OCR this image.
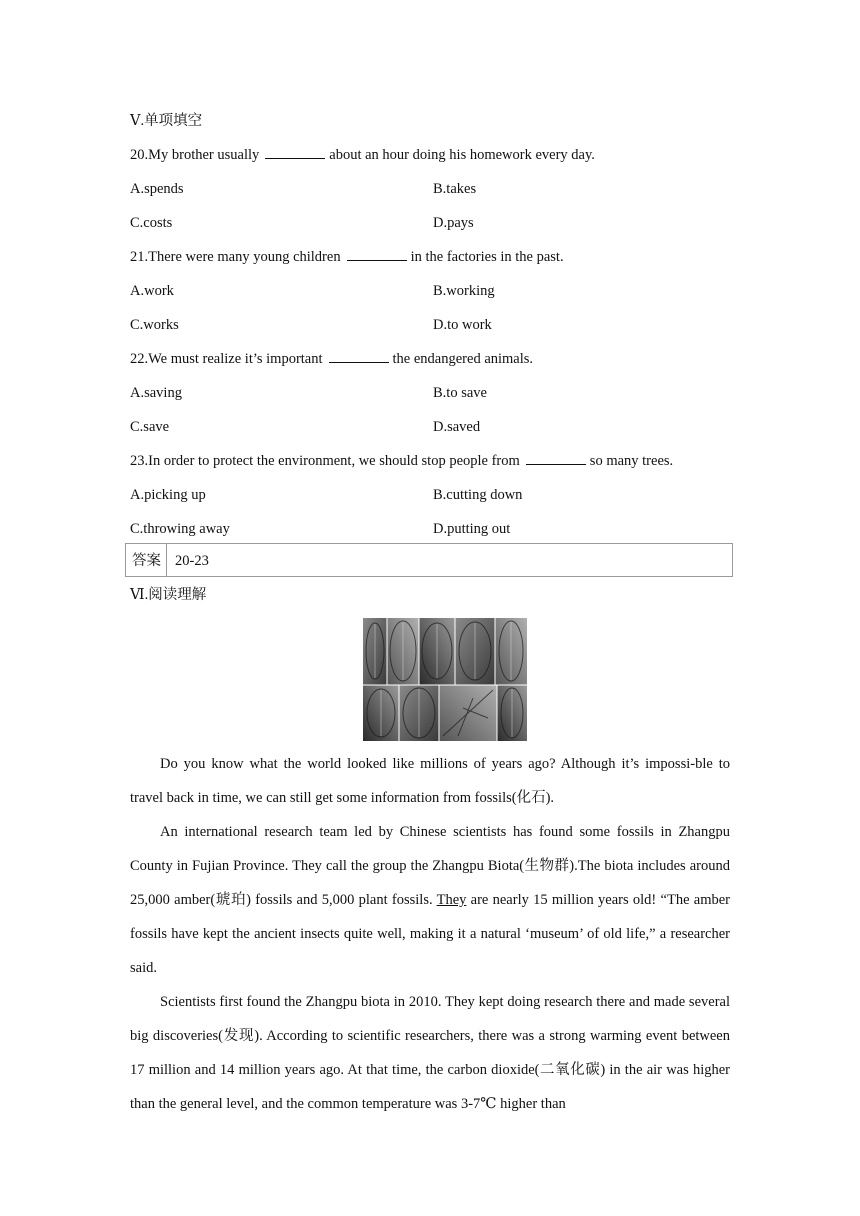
Ⅴ.单项填空
20.My brother usually	about an hour doing his homework every day.
A.spends	B.takes
C.costs	D.pays
21.There were many young children	in the factories in the past.
A.work	B.working
C.works	D.to work
22.We must realize it’s important	the endangered animals.
A.saving	B.to save
C.save	D.saved
23.In order to protect the environment, we should stop people from	so many trees.
A.picking up	B.cutting down
C.throwing away	D.putting out
答案 20-23
Ⅵ.阅读理解
Do you know what the world looked like millions of years ago? Although it’s impossi-ble to travel back in time, we can still get some information from fossils(化石).
An international research team led by Chinese scientists has found some fossils in Zhangpu County in Fujian Province. They call the group the Zhangpu Biota(生物群).The biota includes around 25,000 amber(琥珀) fossils and 5,000 plant fossils. They are nearly 15 million years old! “The amber fossils have kept the ancient insects quite well, making it a natural ‘museum’ of old life,” a researcher said.
Scientists first found the Zhangpu biota in 2010. They kept doing research there and made several big discoveries(发现). According to scientific researchers, there was a strong warming event between 17 million and 14 million years ago. At that time, the carbon dioxide(二氧化碳) in the air was higher than the general level, and the common temperature was 3-7℃ higher than
